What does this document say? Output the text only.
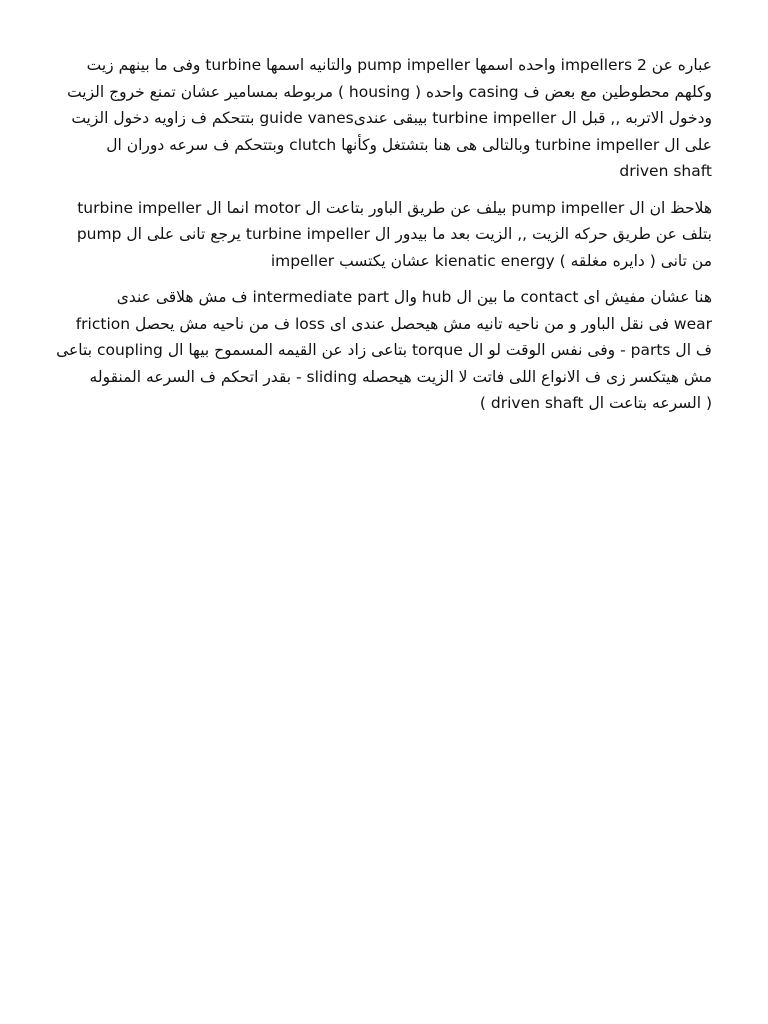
عباره عن 2 impellers واحده اسمها pump impeller والتانيه اسمها turbine وفى ما بينهم زيت
وكلهم محطوطين مع بعض ف casing واحده ( housing ) مربوطه بمسامير عشان تمنع خروج الزيت
ودخول الاتربه ,, قبل ال turbine impeller بيبقى عندىguide vanes بتتحكم ف زاويه دخول الزيت
على ال turbine impeller وبالتالى هى هنا بتشتغل وكأنها clutch وبتتحكم ف سرعه دوران ال
driven shaft

هلاحظ ان ال pump impeller بيلف عن طريق الباور بتاعت ال motor انما ال turbine impeller
بتلف عن طريق حركه الزيت ,, الزيت بعد ما بيدور ال turbine impeller يرجع تانى على ال pump
impeller عشان يكتسب kienatic energy من تانى ( دايره مغلقه )

هنا عشان مفيش اى contact ما بين ال hub وال intermediate part ف مش هلاقى عندى
friction ف من ناحيه مش يحصل loss فى نقل الباور و من ناحيه تانيه مش هيحصل عندى اى wear
ف ال parts - وفى نفس الوقت لو ال torque بتاعى زاد عن القيمه المسموح بيها ال coupling بتاعى
مش هيتكسر زى ف الانواع اللى فاتت لا الزيت هيحصله sliding - بقدر اتحكم ف السرعه المنقوله
( السرعه بتاعت ال driven shaft )
